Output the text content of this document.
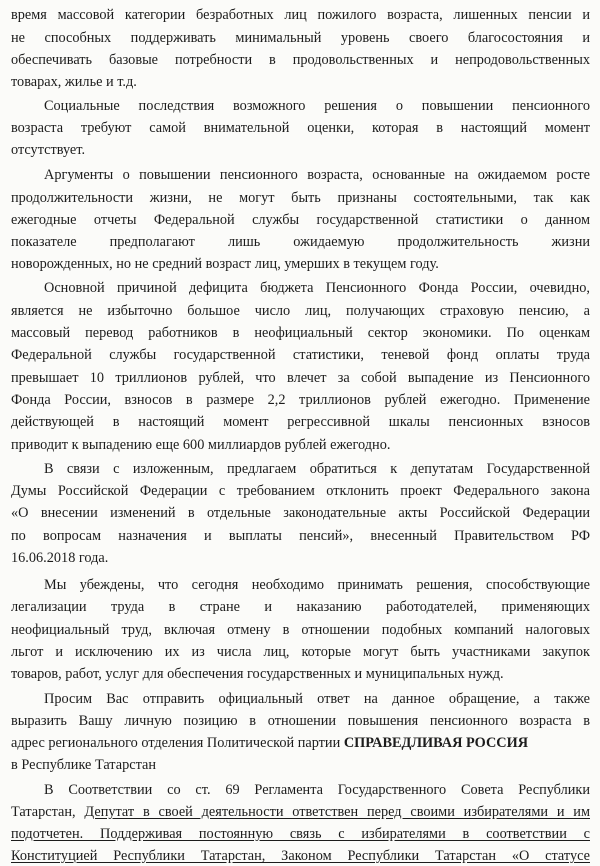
время массовой категории безработных лиц пожилого возраста, лишенных пенсии и
не способных поддерживать минимальный уровень своего благосостояния и
обеспечивать базовые потребности в продовольственных и непродовольственных
товарах, жилье и т.д.
Социальные последствия возможного решения о повышении пенсионного
возраста требуют самой внимательной оценки, которая в настоящий момент
отсутствует.
Аргументы о повышении пенсионного возраста, основанные на ожидаемом росте
продолжительности жизни, не могут быть признаны состоятельными, так как
ежегодные отчеты Федеральной службы государственной статистики о данном
показателе предполагают лишь ожидаемую продолжительность жизни
новорожденных, но не средний возраст лиц, умерших в текущем году.
Основной причиной дефицита бюджета Пенсионного Фонда России, очевидно,
является не избыточно большое число лиц, получающих страховую пенсию, а
массовый перевод работников в неофициальный сектор экономики. По оценкам
Федеральной службы государственной статистики, теневой фонд оплаты труда
превышает 10 триллионов рублей, что влечет за собой выпадение из Пенсионного
Фонда России, взносов в размере 2,2 триллионов рублей ежегодно. Применение
действующей в настоящий момент регрессивной шкалы пенсионных взносов
приводит к выпадению еще 600 миллиардов рублей ежегодно.
В связи с изложенным, предлагаем обратиться к депутатам Государственной
Думы Российской Федерации с требованием отклонить проект Федерального закона
«О внесении изменений в отдельные законодательные акты Российской Федерации
по вопросам назначения и выплаты пенсий», внесенный Правительством РФ
16.06.2018 года.
Мы убеждены, что сегодня необходимо принимать решения, способствующие
легализации труда в стране и наказанию работодателей, применяющих
неофициальный труд, включая отмену в отношении подобных компаний налоговых
льгот и исключению их из числа лиц, которые могут быть участниками закупок
товаров, работ, услуг для обеспечения государственных и муниципальных нужд.
Просим Вас отправить официальный ответ на данное обращение, а также
выразить Вашу личную позицию в отношении повышения пенсионного возраста в
адрес регионального отделения Политической партии СПРАВЕДЛИВАЯ РОССИЯ
в Республике Татарстан
В Соответствии со ст. 69 Регламента Государственного Совета Республики
Татарстан, Депутат в своей деятельности ответствен перед своими избирателями и им
подотчетен. Поддерживая постоянную связь с избирателями в соответствии с
Конституцией Республики Татарстан, Законом Республики Татарстан «О статусе
